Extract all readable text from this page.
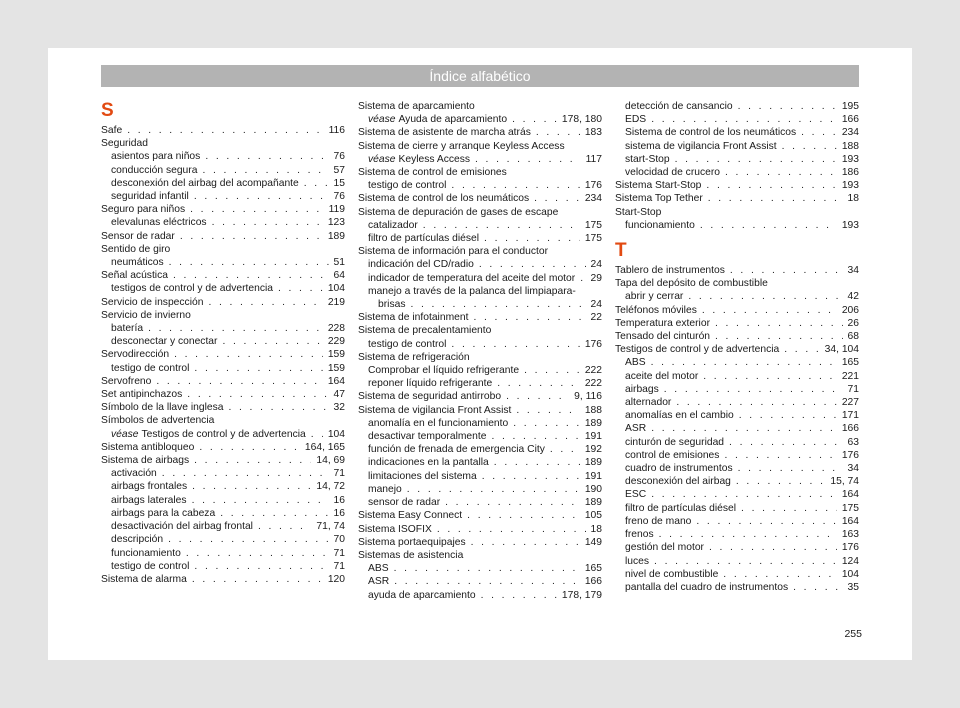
Índice alfabético
S
Safe . . .	116
Seguridad
asientos para niños . . .	76
conducción segura . . .	57
desconexión del airbag del acompañante . . .	15
seguridad infantil . . .	76
Seguro para niños . . .	119
elevalunas eléctricos . . .	123
Sensor de radar . . .	189
Sentido de giro
neumáticos . . .	51
Señal acústica . . .	64
testigos de control y de advertencia . . .	104
Servicio de inspección . . .	219
Servicio de invierno
batería . . .	228
desconectar y conectar . . .	229
Servodirección . . .	159
testigo de control . . .	159
Servofreno . . .	164
Set antipinchazos . . .	47
Símbolo de la llave inglesa . . .	32
Símbolos de advertencia
véase Testigos de control y de advertencia . . . 104
Sistema antibloqueo . . .	164, 165
Sistema de airbags . . .	14, 69
activación . . .	71
airbags frontales . . .	14, 72
airbags laterales . . .	16
airbags para la cabeza . . .	16
desactivación del airbag frontal . . .	71, 74
descripción . . .	70
funcionamiento . . .	71
testigo de control . . .	71
Sistema de alarma . . .	120
Sistema de aparcamiento
véase Ayuda de aparcamiento . . .	178, 180
Sistema de asistente de marcha atrás . . .	183
Sistema de cierre y arranque Keyless Access
véase Keyless Access . . .	117
Sistema de control de emisiones
testigo de control . . .	176
Sistema de control de los neumáticos . . .	234
Sistema de depuración de gases de escape
catalizador . . .	175
filtro de partículas diésel . . .	175
Sistema de información para el conductor
indicación del CD/radio . . .	24
indicador de temperatura del aceite del motor . . . 29
manejo a través de la palanca del limpiapara-
brisas . . .	24
Sistema de infotainment . . .	22
Sistema de precalentamiento
testigo de control . . .	176
Sistema de refrigeración
Comprobar el líquido refrigerante . . .	222
reponer líquido refrigerante . . .	222
Sistema de seguridad antirrobo . . .	9, 116
Sistema de vigilancia Front Assist . . .	188
anomalía en el funcionamiento . . .	189
desactivar temporalmente . . .	191
función de frenada de emergencia City . . .	192
indicaciones en la pantalla . . .	189
limitaciones del sistema . . .	191
manejo . . .	190
sensor de radar . . .	189
Sistema Easy Connect . . .	105
Sistema ISOFIX . . .	18
Sistema portaequipajes . . .	149
Sistemas de asistencia
ABS . . .	165
ASR . . .	166
ayuda de aparcamiento . . .	178, 179
detección de cansancio . . .	195
EDS . . .	166
Sistema de control de los neumáticos . . .	234
sistema de vigilancia Front Assist . . .	188
start-Stop . . .	193
velocidad de crucero . . .	186
Sistema Start-Stop . . .	193
Sistema Top Tether . . .	18
Start-Stop
funcionamiento . . .	193
T
Tablero de instrumentos . . .	34
Tapa del depósito de combustible
abrir y cerrar . . .	42
Teléfonos móviles . . .	206
Temperatura exterior . . .	26
Tensado del cinturón . . .	68
Testigos de control y de advertencia . . .	34, 104
ABS . . .	165
aceite del motor . . .	221
airbags . . .	71
alternador . . .	227
anomalías en el cambio . . .	171
ASR . . .	166
cinturón de seguridad . . .	63
control de emisiones . . .	176
cuadro de instrumentos . . .	34
desconexión del airbag . . .	15, 74
ESC . . .	164
filtro de partículas diésel . . .	175
freno de mano . . .	164
frenos . . .	163
gestión del motor . . .	176
luces . . .	124
nivel de combustible . . .	104
pantalla del cuadro de instrumentos . . .	35
255
